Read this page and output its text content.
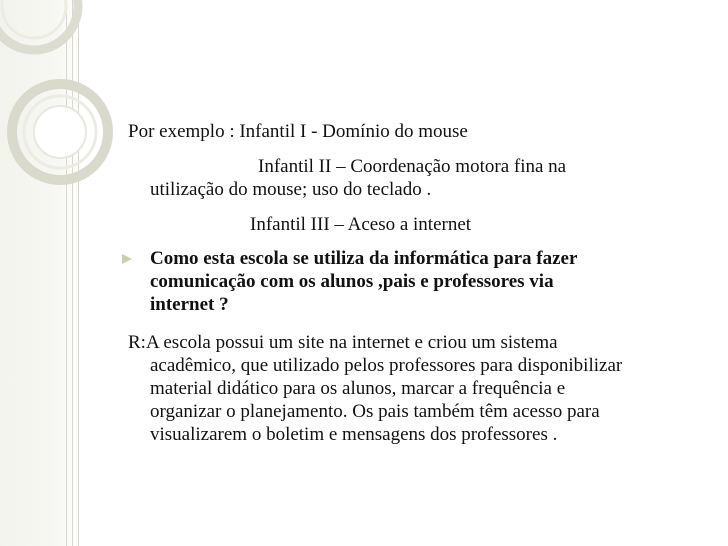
Por exemplo : Infantil I - Domínio do mouse
Infantil II – Coordenação motora fina na
utilização do mouse; uso do teclado .
Infantil III – Aceso a internet
Como esta escola se utiliza da informática para fazer
comunicação com os alunos ,pais e professores via
internet ?
R:A escola possui um site na internet e criou um sistema
acadêmico, que utilizado pelos professores para disponibilizar
material didático para os alunos, marcar a frequência e
organizar o planejamento. Os pais também têm acesso para
visualizarem o boletim e mensagens dos professores .
